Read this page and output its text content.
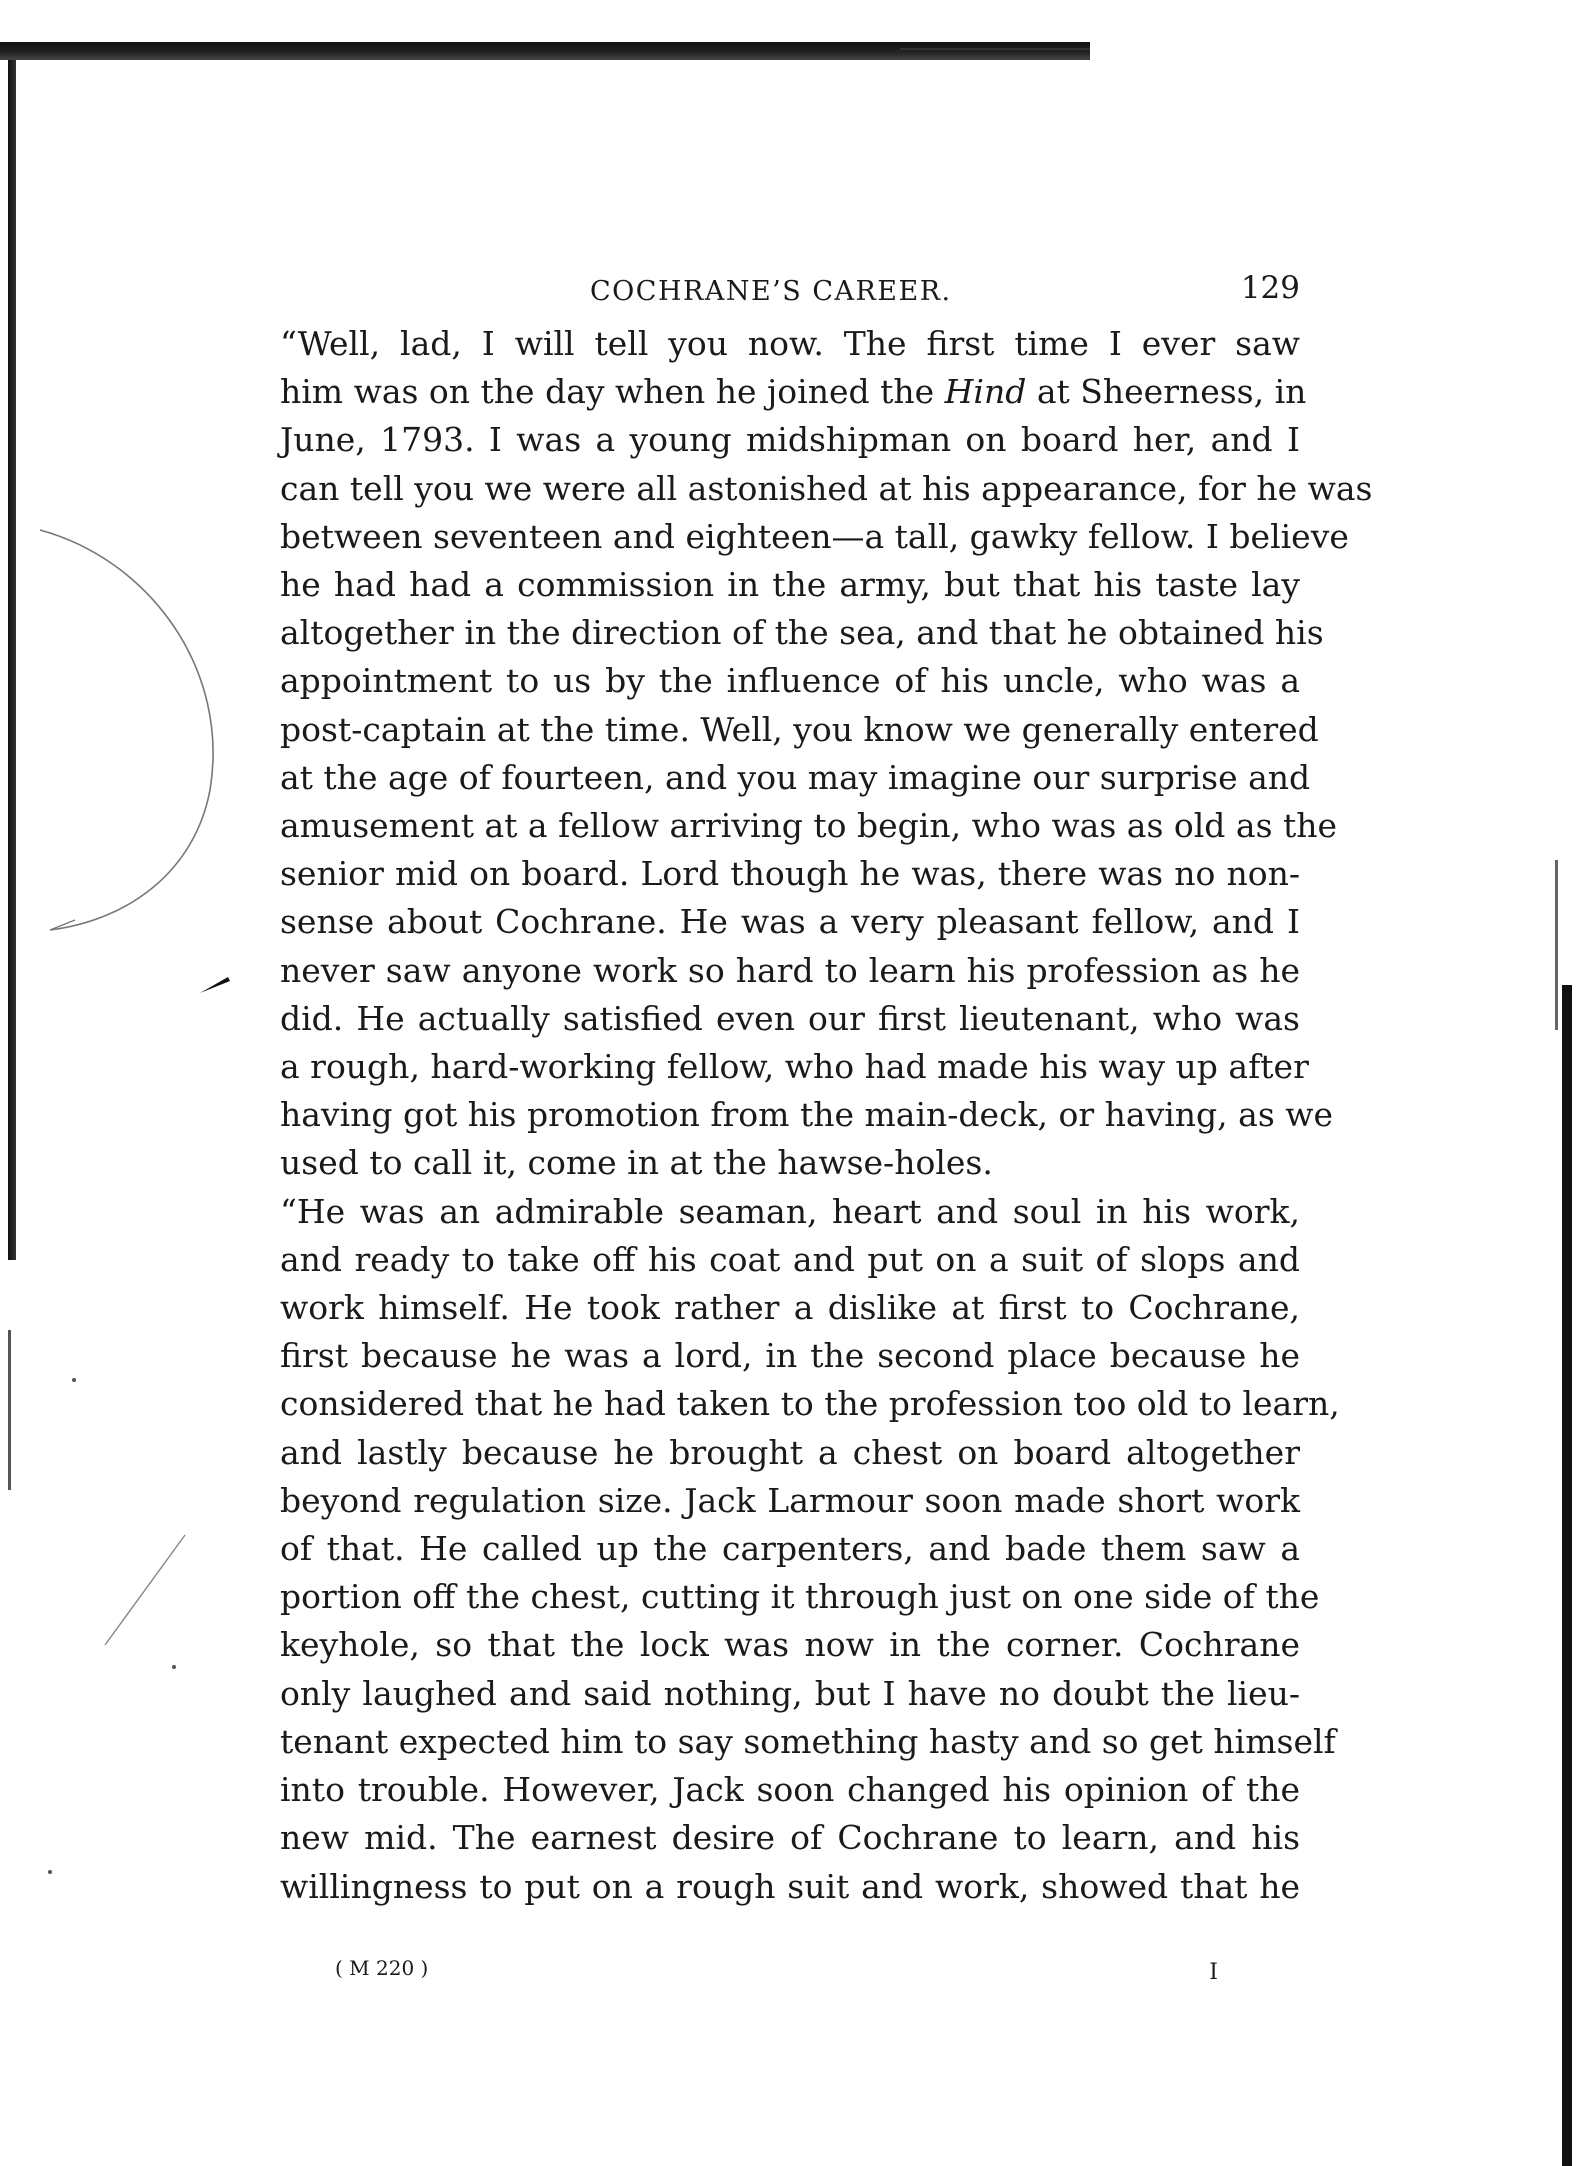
COCHRANE’S CAREER.	129
“Well, lad, I will tell you now. The first time I ever saw
him was on the day when he joined the Hind at Sheerness, in
June, 1793. I was a young midshipman on board her, and I
can tell you we were all astonished at his appearance, for he was
between seventeen and eighteen—a tall, gawky fellow. I believe
he had had a commission in the army, but that his taste lay
altogether in the direction of the sea, and that he obtained his
appointment to us by the influence of his uncle, who was a
post-captain at the time. Well, you know we generally entered
at the age of fourteen, and you may imagine our surprise and
amusement at a fellow arriving to begin, who was as old as the
senior mid on board. Lord though he was, there was no non-
sense about Cochrane. He was a very pleasant fellow, and I
never saw anyone work so hard to learn his profession as he
did. He actually satisfied even our first lieutenant, who was
a rough, hard-working fellow, who had made his way up after
having got his promotion from the main-deck, or having, as we
used to call it, come in at the hawse-holes.
“He was an admirable seaman, heart and soul in his work,
and ready to take off his coat and put on a suit of slops and
work himself. He took rather a dislike at first to Cochrane,
first because he was a lord, in the second place because he
considered that he had taken to the profession too old to learn,
and lastly because he brought a chest on board altogether
beyond regulation size. Jack Larmour soon made short work
of that. He called up the carpenters, and bade them saw a
portion off the chest, cutting it through just on one side of the
keyhole, so that the lock was now in the corner. Cochrane
only laughed and said nothing, but I have no doubt the lieu-
tenant expected him to say something hasty and so get himself
into trouble. However, Jack soon changed his opinion of the
new mid. The earnest desire of Cochrane to learn, and his
willingness to put on a rough suit and work, showed that he
( M 220 )	I
